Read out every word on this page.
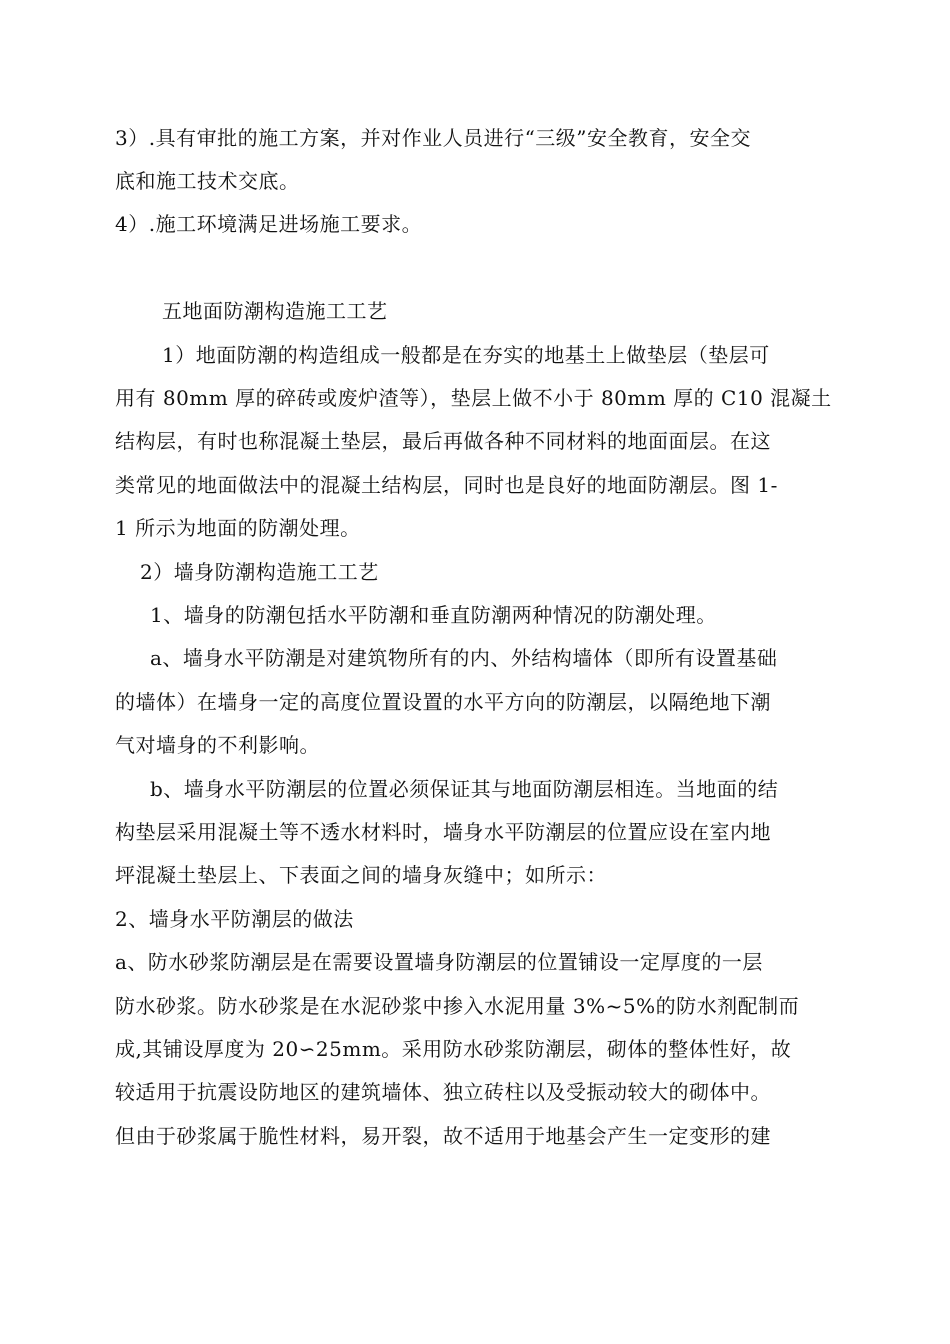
3）.具有审批的施工方案，并对作业人员进行“三级”安全教育，安全交
底和施工技术交底。
4）.施工环境满足进场施工要求。
五地面防潮构造施工工艺
1）地面防潮的构造组成一般都是在夯实的地基土上做垫层（垫层可
用有 80mm 厚的碎砖或废炉渣等），垫层上做不小于 80mm 厚的 C10 混凝土
结构层，有时也称混凝土垫层，最后再做各种不同材料的地面面层。在这
类常见的地面做法中的混凝土结构层，同时也是良好的地面防潮层。图 1-
1 所示为地面的防潮处理。
2）墙身防潮构造施工工艺
1、墙身的防潮包括水平防潮和垂直防潮两种情况的防潮处理。
a、墙身水平防潮是对建筑物所有的内、外结构墙体（即所有设置基础
的墙体）在墙身一定的高度位置设置的水平方向的防潮层，以隔绝地下潮
气对墙身的不利影响。
b、墙身水平防潮层的位置必须保证其与地面防潮层相连。当地面的结
构垫层采用混凝土等不透水材料时，墙身水平防潮层的位置应设在室内地
坪混凝土垫层上、下表面之间的墙身灰缝中；如所示：
2、墙身水平防潮层的做法
a、防水砂浆防潮层是在需要设置墙身防潮层的位置铺设一定厚度的一层
防水砂浆。防水砂浆是在水泥砂浆中掺入水泥用量 3%~5%的防水剂配制而
成,其铺设厚度为 20∽25mm。采用防水砂浆防潮层，砌体的整体性好，故
较适用于抗震设防地区的建筑墙体、独立砖柱以及受振动较大的砌体中。
但由于砂浆属于脆性材料，易开裂，故不适用于地基会产生一定变形的建
